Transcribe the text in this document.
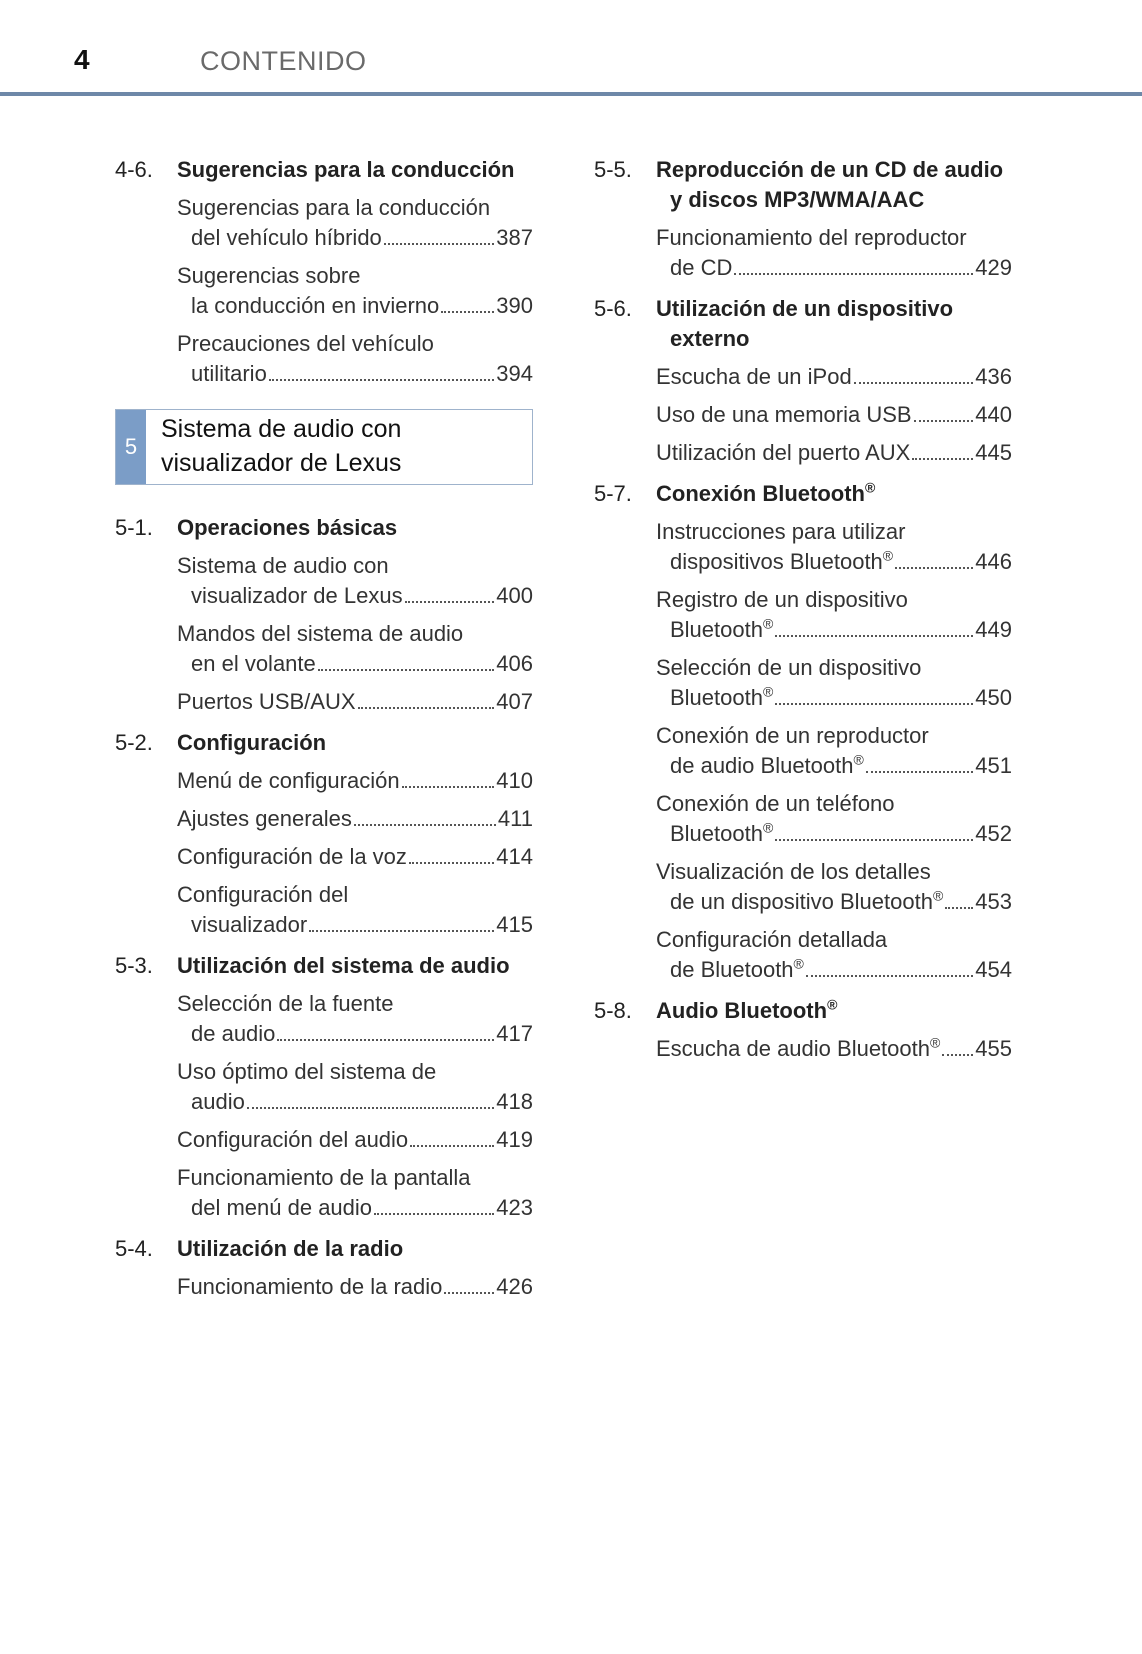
4	CONTENIDO
4-6.	Sugerencias para la conducción
Sugerencias para la conducción
del vehículo híbrido	387
Sugerencias sobre
la conducción en invierno	390
Precauciones del vehículo
utilitario	394
5
Sistema de audio con
visualizador de Lexus
5-1.	Operaciones básicas
Sistema de audio con
visualizador de Lexus	400
Mandos del sistema de audio
en el volante	406
Puertos USB/AUX	407
5-2.	Configuración
Menú de configuración	410
Ajustes generales	411
Configuración de la voz	414
Configuración del
visualizador	415
5-3.	Utilización del sistema de audio
Selección de la fuente
de audio	417
Uso óptimo del sistema de
audio	418
Configuración del audio	419
Funcionamiento de la pantalla
del menú de audio	423
5-4.	Utilización de la radio
Funcionamiento de la radio 426
5-5.	Reproducción de un CD de audio
y discos MP3/WMA/AAC
Funcionamiento del reproductor
de CD	429
5-6.	Utilización de un dispositivo
externo
Escucha de un iPod	436
Uso de una memoria USB	440
Utilización del puerto AUX	445
5-7.	Conexión Bluetooth®
Instrucciones para utilizar
dispositivos Bluetooth®	446
Registro de un dispositivo
Bluetooth®	449
Selección de un dispositivo
Bluetooth®	450
Conexión de un reproductor
de audio Bluetooth®	451
Conexión de un teléfono
Bluetooth®	452
Visualización de los detalles
de un dispositivo Bluetooth® 453
Configuración detallada
de Bluetooth®	454
5-8.	Audio Bluetooth®
Escucha de audio Bluetooth® 455
